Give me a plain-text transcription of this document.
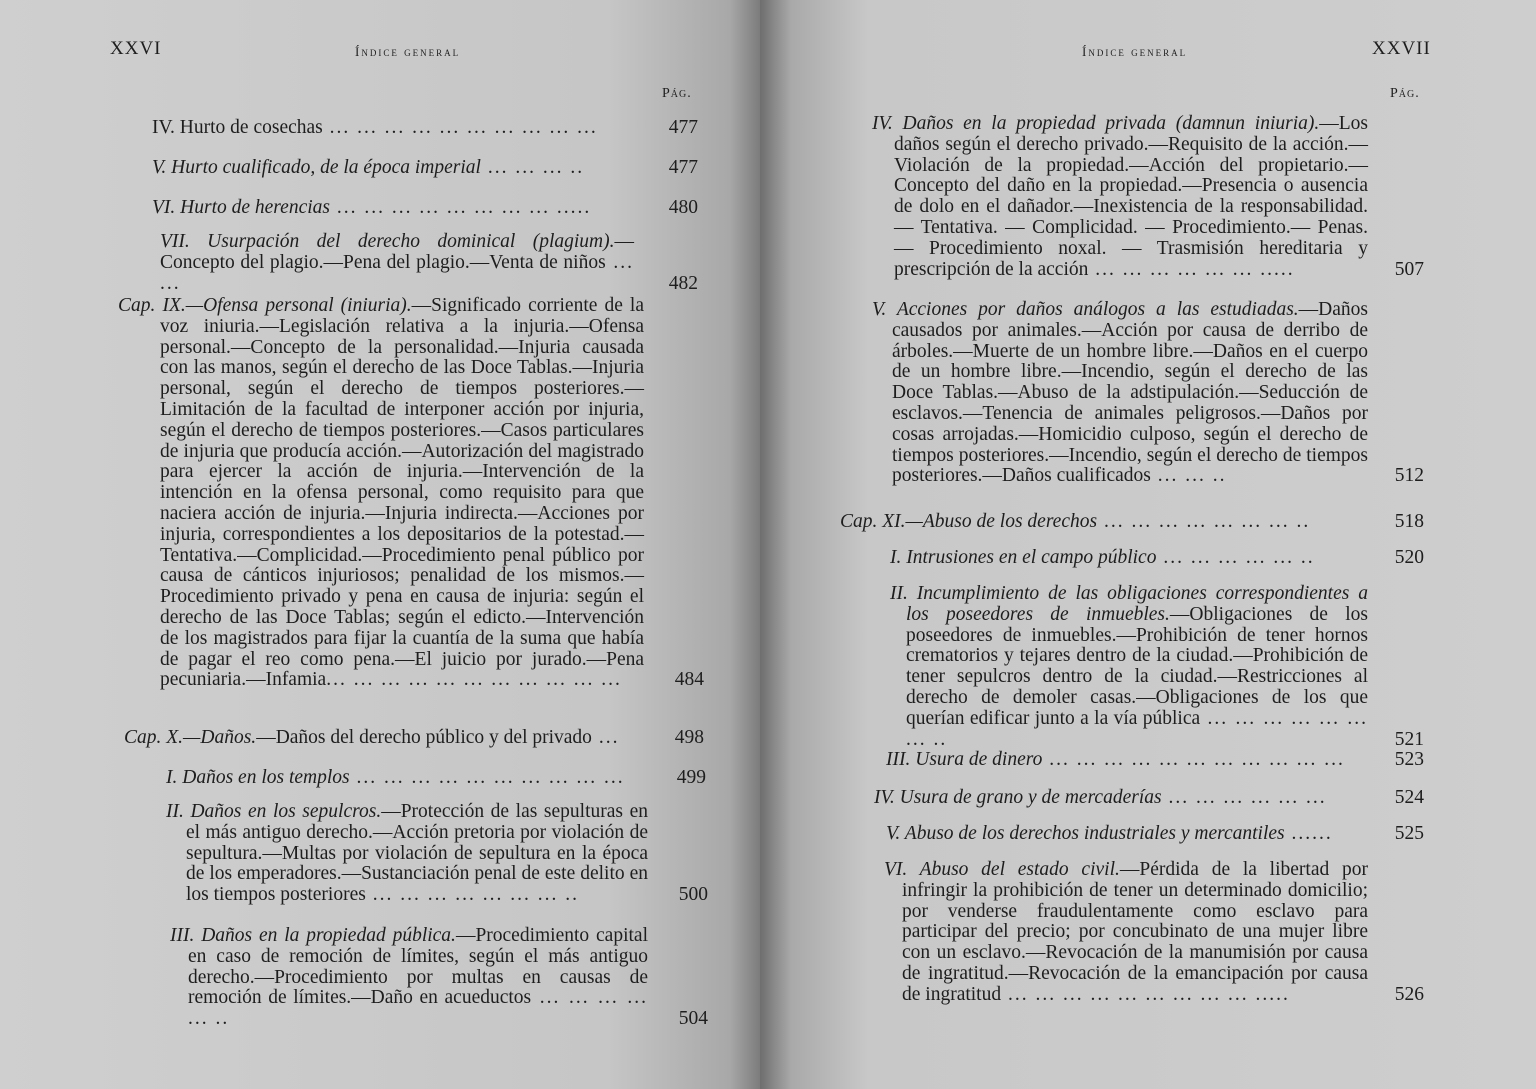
XXVI	Índice general
Pág.
IV. Hurto de cosechas ... ... ... ... ... ... ... ... ... ...	477
V. Hurto cualificado, de la época imperial ... ... ... ..	477
VI. Hurto de herencias ... ... ... ... ... ... ... ... .....	480
VII. Usurpación del derecho dominical (plagium).—Concepto del plagio.—Pena del plagio.—Venta de niños ... ...	482
Cap. IX.—Ofensa personal (iniuria).—Significado corriente de la voz iniuria.—Legislación relativa a la injuria.—Ofensa personal.—Concepto de la personalidad.—Injuria causada con las manos, según el derecho de las Doce Tablas.—Injuria personal, según el derecho de tiempos posteriores.—Limitación de la facultad de interponer acción por injuria, según el derecho de tiempos posteriores.—Casos particulares de injuria que producía acción.—Autorización del magistrado para ejercer la acción de injuria.—Intervención de la intención en la ofensa personal, como requisito para que naciera acción de injuria.—Injuria indirecta.—Acciones por injuria, correspondientes a los depositarios de la potestad.—Tentativa.—Complicidad.—Procedimiento penal público por causa de cánticos injuriosos; penalidad de los mismos.—Procedimiento privado y pena en causa de injuria: según el derecho de las Doce Tablas; según el edicto.—Intervención de los magistrados para fijar la cuantía de la suma que había de pagar el reo como pena.—El juicio por jurado.—Pena pecuniaria.—Infamia... ... ... ... ... ... ... ... ... ... ...	484
Cap. X.—Daños.—Daños del derecho público y del privado ...	498
I. Daños en los templos ... ... ... ... ... ... ... ... ... ...	499
II. Daños en los sepulcros.—Protección de las sepulturas en el más antiguo derecho.—Acción pretoria por violación de sepultura.—Multas por violación de sepultura en la época de los emperadores.—Sustanciación penal de este delito en los tiempos posteriores ... ... ... ... ... ... ... ..	500
III. Daños en la propiedad pública.—Procedimiento capital en caso de remoción de límites, según el más antiguo derecho.—Procedimiento por multas en causas de remoción de límites.—Daño en acueductos ... ... ... ... ... ..	504
Índice general	XXVII
Pág.
IV. Daños en la propiedad privada (damnun iniuria).—Los daños según el derecho privado.—Requisito de la acción.—Violación de la propiedad.—Acción del propietario.—Concepto del daño en la propiedad.—Presencia o ausencia de dolo en el dañador.—Inexistencia de la responsabilidad. — Tentativa. — Complicidad. — Procedimiento.— Penas. — Procedimiento noxal. — Trasmisión hereditaria y prescripción de la acción ... ... ... ... ... ... .....	507
V. Acciones por daños análogos a las estudiadas.—Daños causados por animales.—Acción por causa de derribo de árboles.—Muerte de un hombre libre.—Daños en el cuerpo de un hombre libre.—Incendio, según el derecho de las Doce Tablas.—Abuso de la adstipulación.—Seducción de esclavos.—Tenencia de animales peligrosos.—Daños por cosas arrojadas.—Homicidio culposo, según el derecho de tiempos posteriores.—Incendio, según el derecho de tiempos posteriores.—Daños cualificados ... ... ..	512
Cap. XI.—Abuso de los derechos ... ... ... ... ... ... ... ..	518
I. Intrusiones en el campo público ... ... ... ... ... ..	520
II. Incumplimiento de las obligaciones correspondientes a los poseedores de inmuebles.—Obligaciones de los poseedores de inmuebles.—Prohibición de tener hornos crematorios y tejares dentro de la ciudad.—Prohibición de tener sepulcros dentro de la ciudad.—Restricciones al derecho de demoler casas.—Obligaciones de los que querían edificar junto a la vía pública ... ... ... ... ... ... ... ..	521
III. Usura de dinero ... ... ... ... ... ... ... ... ... ... ...	523
IV. Usura de grano y de mercaderías ... ... ... ... ... ...	524
V. Abuso de los derechos industriales y mercantiles ......	525
VI. Abuso del estado civil.—Pérdida de la libertad por infringir la prohibición de tener un determinado domicilio; por venderse fraudulentamente como esclavo para participar del precio; por concubinato de una mujer libre con un esclavo.—Revocación de la manumisión por causa de ingratitud.—Revocación de la emancipación por causa de ingratitud ... ... ... ... ... ... ... ... ... .....	526
